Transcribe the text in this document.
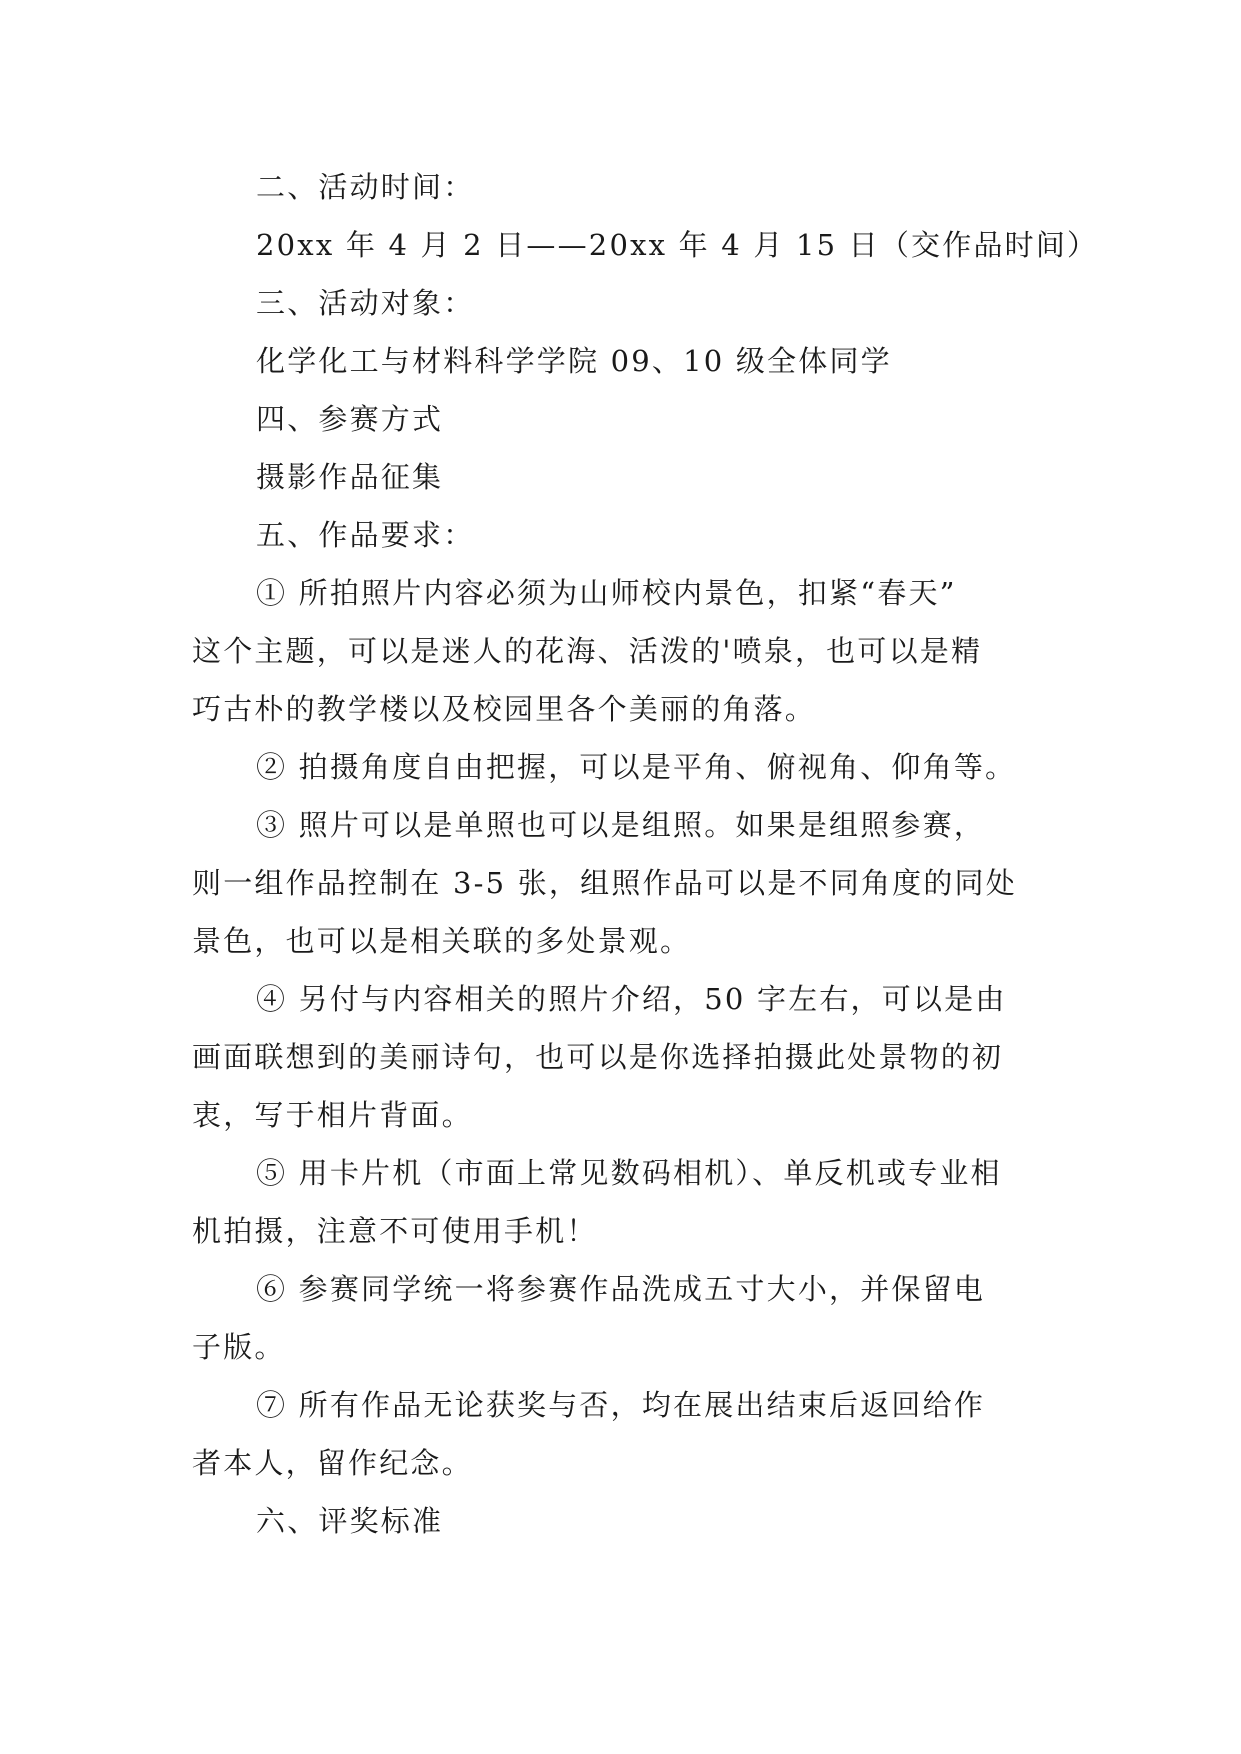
二、活动时间：
20xx 年 4 月 2 日——20xx 年 4 月 15 日（交作品时间）
三、活动对象：
化学化工与材料科学学院 09、10 级全体同学
四、参赛方式
摄影作品征集
五、作品要求：
① 所拍照片内容必须为山师校内景色，扣紧“春天”
这个主题，可以是迷人的花海、活泼的'喷泉，也可以是精
巧古朴的教学楼以及校园里各个美丽的角落。
② 拍摄角度自由把握，可以是平角、俯视角、仰角等。
③ 照片可以是单照也可以是组照。如果是组照参赛，
则一组作品控制在 3-5 张，组照作品可以是不同角度的同处
景色，也可以是相关联的多处景观。
④ 另付与内容相关的照片介绍，50 字左右，可以是由
画面联想到的美丽诗句，也可以是你选择拍摄此处景物的初
衷，写于相片背面。
⑤ 用卡片机（市面上常见数码相机）、单反机或专业相
机拍摄，注意不可使用手机！
⑥ 参赛同学统一将参赛作品洗成五寸大小，并保留电
子版。
⑦ 所有作品无论获奖与否，均在展出结束后返回给作
者本人，留作纪念。
六、评奖标准
